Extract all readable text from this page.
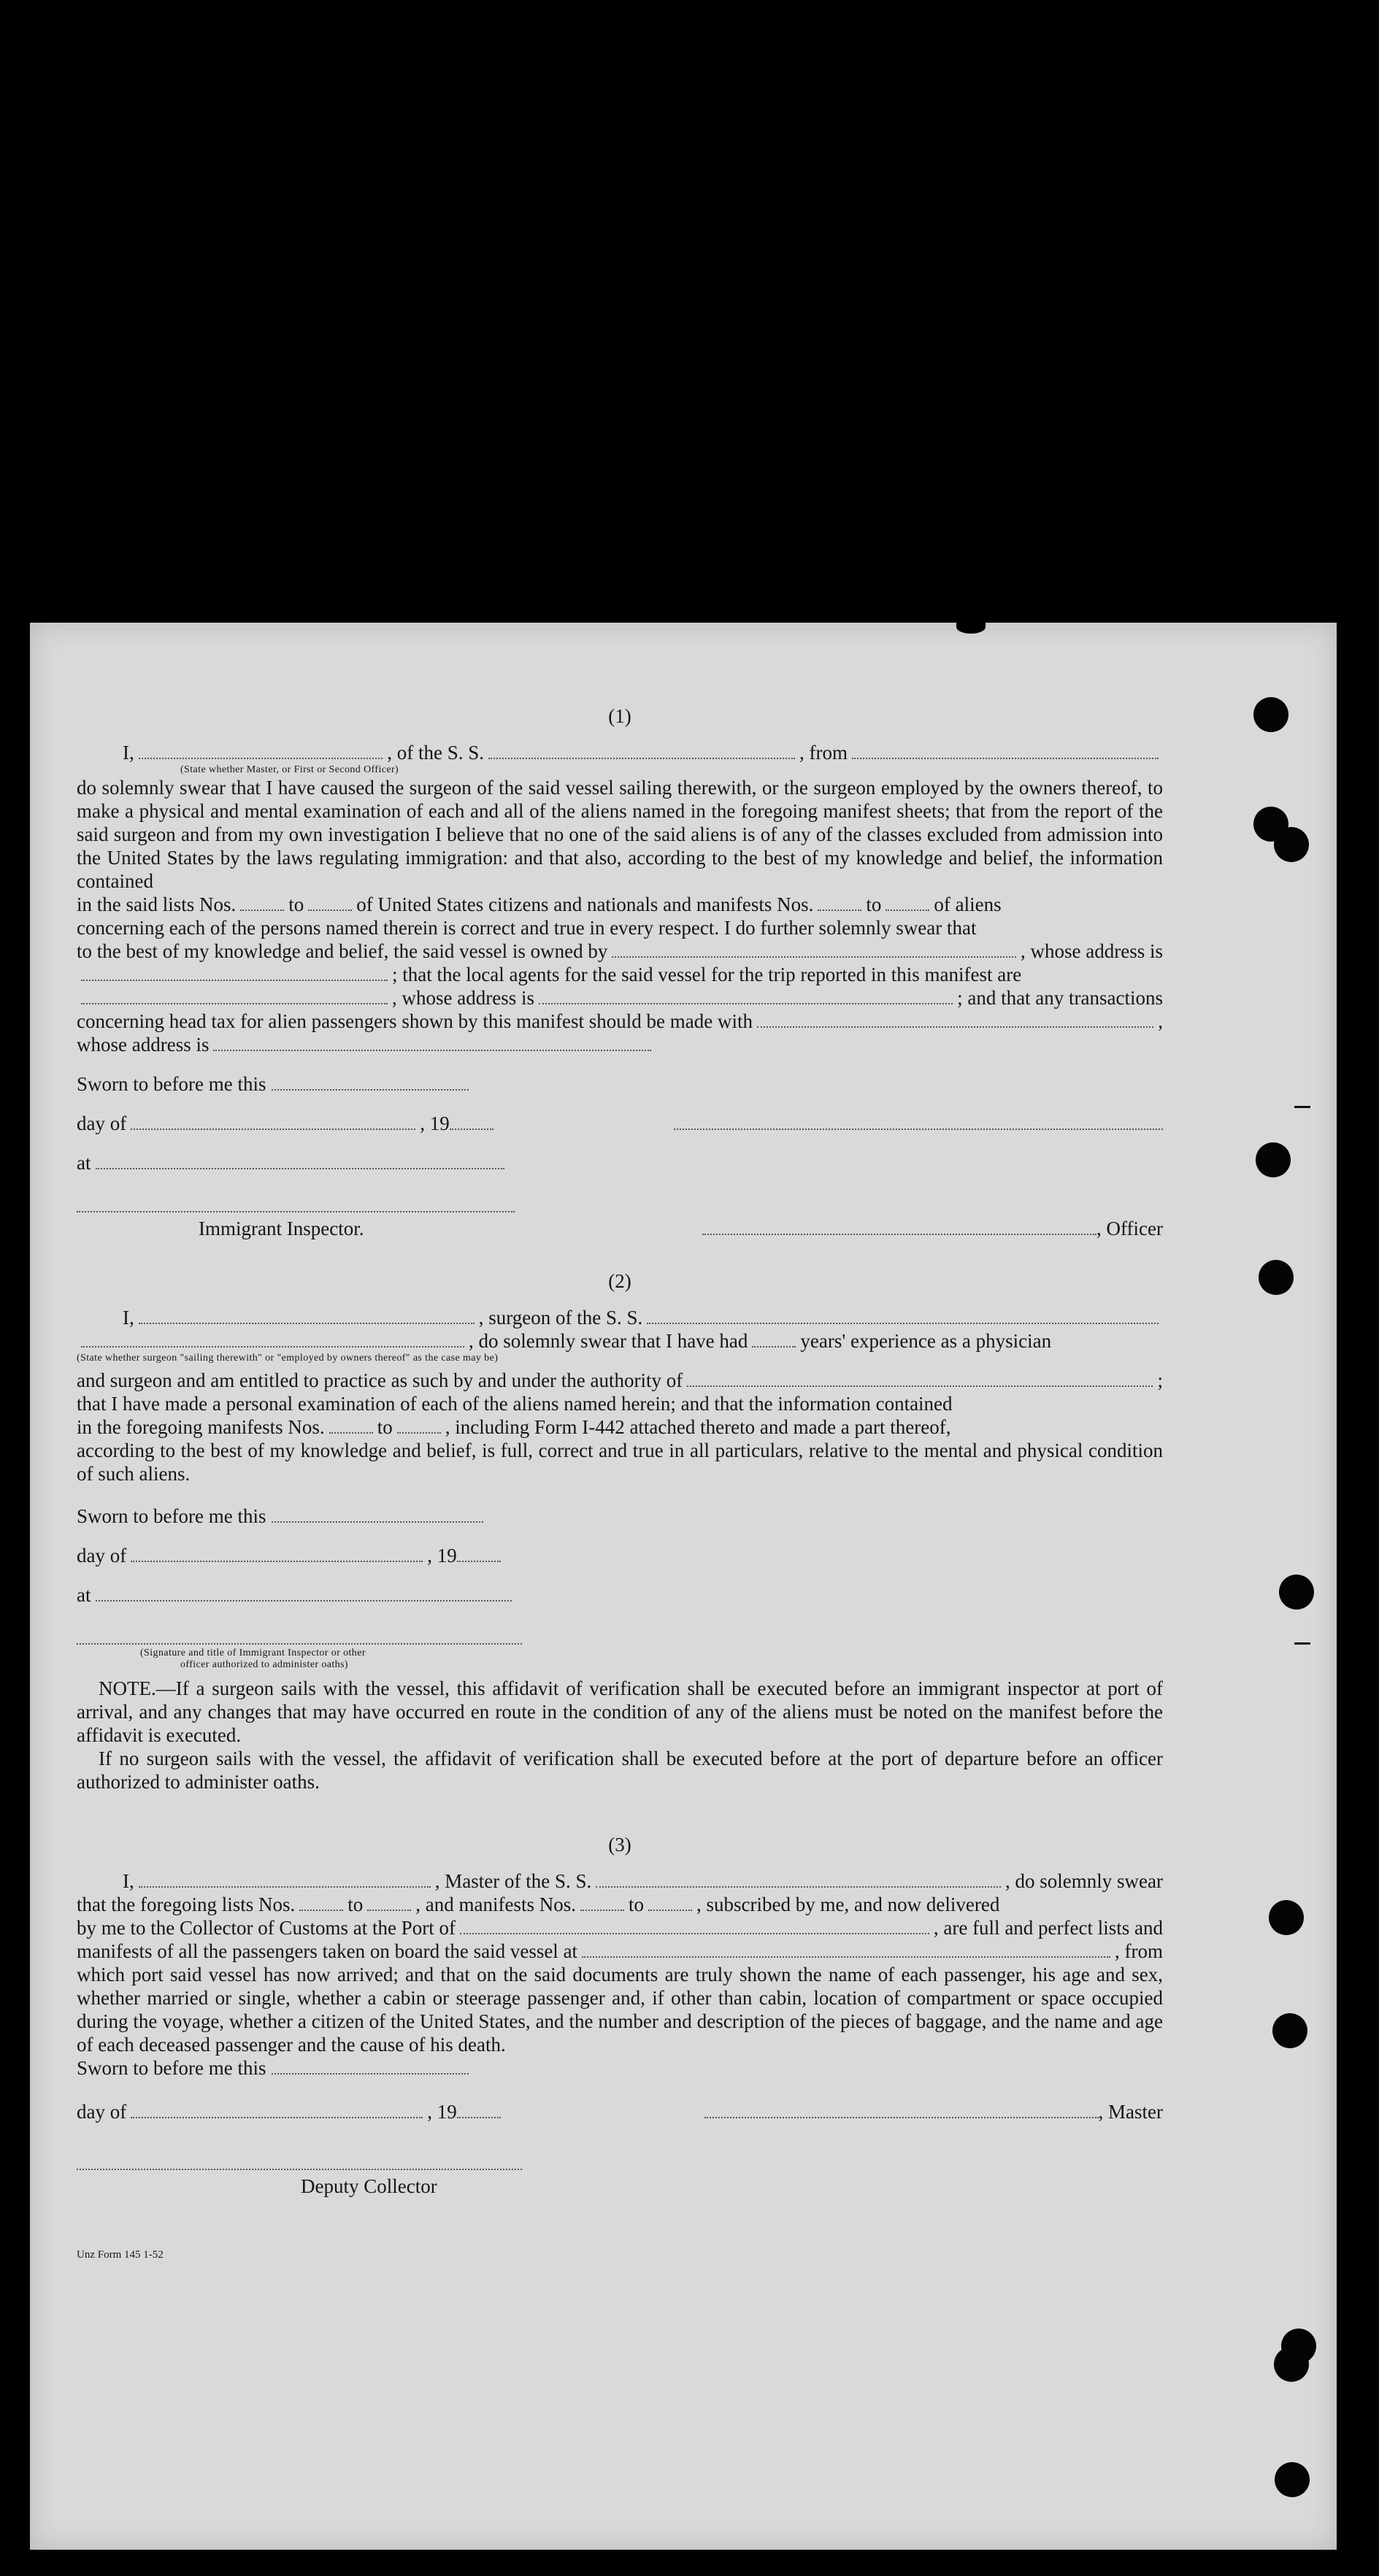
(1)
I,	, of the S. S.	, from
(State whether Master, or First or Second Officer)
do solemnly swear that I have caused the surgeon of the said vessel sailing therewith, or the surgeon employed by the owners thereof, to make a physical and mental examination of each and all of the aliens named in the foregoing manifest sheets; that from the report of the said surgeon and from my own investigation I believe that no one of the said aliens is of any of the classes excluded from admission into the United States by the laws regulating immigration: and that also, according to the best of my knowledge and belief, the information contained
in the said lists Nos.	to	of United States citizens and nationals and manifests Nos.	to	of aliens
concerning each of the persons named therein is correct and true in every respect. I do further solemnly swear that
to the best of my knowledge and belief, the said vessel is owned by	, whose address is
; that the local agents for the said vessel for the trip reported in this manifest are
, whose address is	; and that any transactions
concerning head tax for alien passengers shown by this manifest should be made with	,
whose address is
Sworn to before me this
day of	, 19
at
Immigrant Inspector.	, Officer
(2)
I,	, surgeon of the S. S.
, do solemnly swear that I have had	years' experience as a physician
(State whether surgeon "sailing therewith" or "employed by owners thereof" as the case may be)
and surgeon and am entitled to practice as such by and under the authority of	;
that I have made a personal examination of each of the aliens named herein; and that the information contained
in the foregoing manifests Nos.	to	, including Form I-442 attached thereto and made a part thereof,
according to the best of my knowledge and belief, is full, correct and true in all particulars, relative to the mental and physical condition of such aliens.
Sworn to before me this
day of	, 19
at
(Signature and title of Immigrant Inspector or other
officer authorized to administer oaths)
NOTE.—If a surgeon sails with the vessel, this affidavit of verification shall be executed before an immigrant inspector at port of arrival, and any changes that may have occurred en route in the condition of any of the aliens must be noted on the manifest before the affidavit is executed.
If no surgeon sails with the vessel, the affidavit of verification shall be executed before at the port of departure before an officer authorized to administer oaths.
(3)
I,	, Master of the S. S.	, do solemnly swear
that the foregoing lists Nos.	to	, and manifests Nos.	to	, subscribed by me, and now delivered
by me to the Collector of Customs at the Port of	, are full and perfect lists and
manifests of all the passengers taken on board the said vessel at	, from
which port said vessel has now arrived; and that on the said documents are truly shown the name of each passenger, his age and sex, whether married or single, whether a cabin or steerage passenger and, if other than cabin, location of compartment or space occupied during the voyage, whether a citizen of the United States, and the number and description of the pieces of baggage, and the name and age of each deceased passenger and the cause of his death.
Sworn to before me this
day of	, 19	, Master
Deputy Collector
Unz Form 145 1-52
